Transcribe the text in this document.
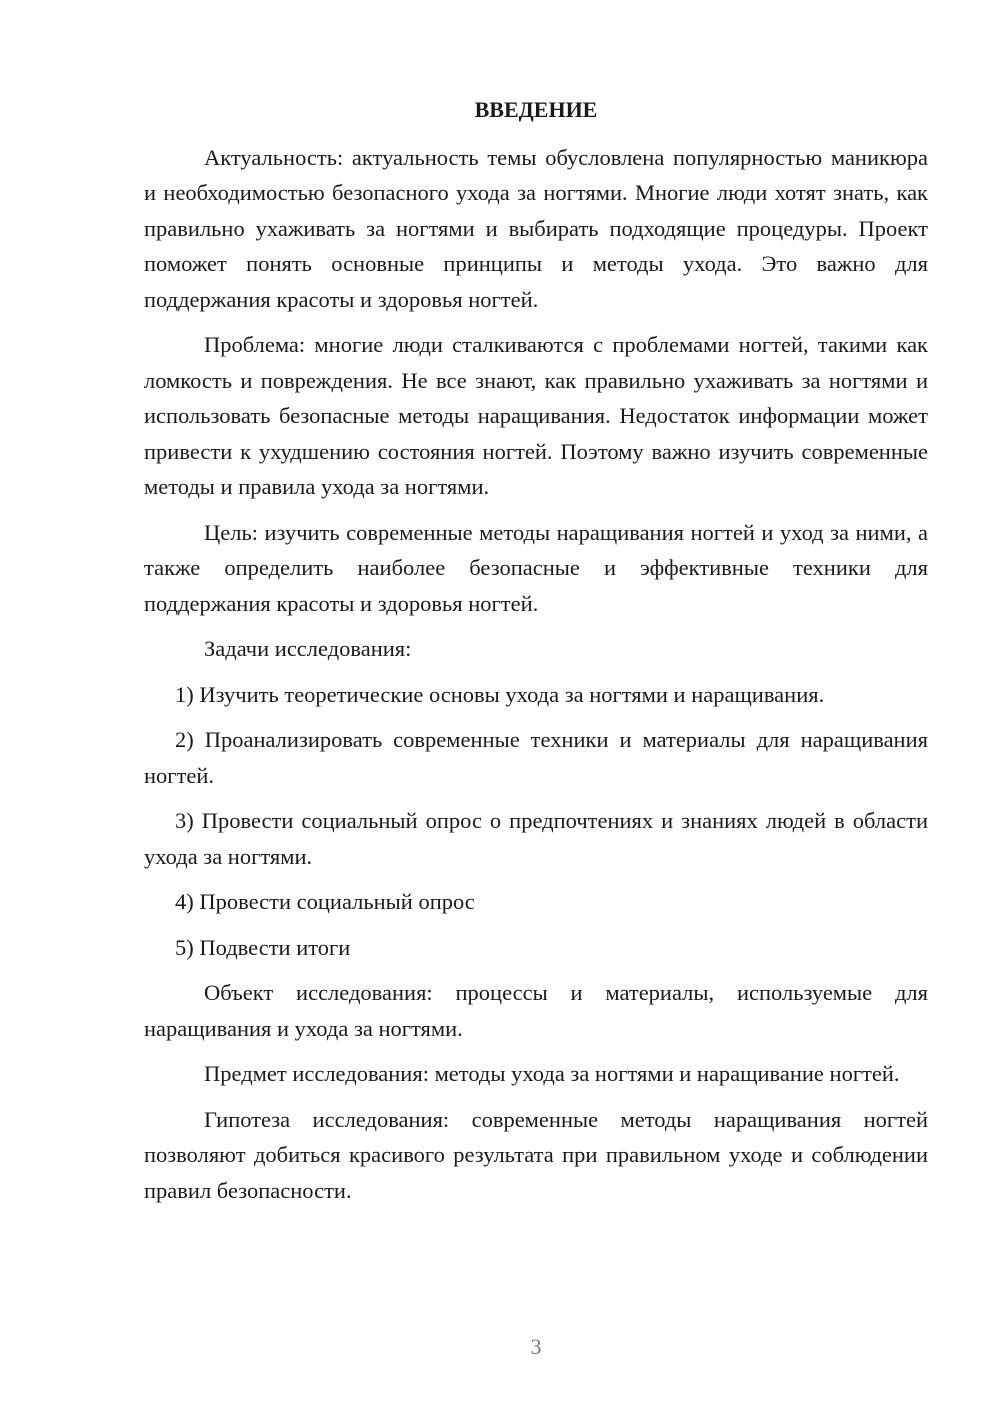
ВВЕДЕНИЕ

Актуальность: актуальность темы обусловлена популярностью маникюра и необходимостью безопасного ухода за ногтями. Многие люди хотят знать, как правильно ухаживать за ногтями и выбирать подходящие процедуры. Проект поможет понять основные принципы и методы ухода. Это важно для поддержания красоты и здоровья ногтей.

Проблема: многие люди сталкиваются с проблемами ногтей, такими как ломкость и повреждения. Не все знают, как правильно ухаживать за ногтями и использовать безопасные методы наращивания. Недостаток информации может привести к ухудшению состояния ногтей. Поэтому важно изучить современные методы и правила ухода за ногтями.

Цель: изучить современные методы наращивания ногтей и уход за ними, а также определить наиболее безопасные и эффективные техники для поддержания красоты и здоровья ногтей.

Задачи исследования:

1) Изучить теоретические основы ухода за ногтями и наращивания.

2) Проанализировать современные техники и материалы для наращивания ногтей.

3) Провести социальный опрос о предпочтениях и знаниях людей в области ухода за ногтями.

4) Провести социальный опрос

5) Подвести итоги

Объект исследования: процессы и материалы, используемые для наращивания и ухода за ногтями.

Предмет исследования: методы ухода за ногтями и наращивание ногтей.

Гипотеза исследования: современные методы наращивания ногтей позволяют добиться красивого результата при правильном уходе и соблюдении правил безопасности.

3
